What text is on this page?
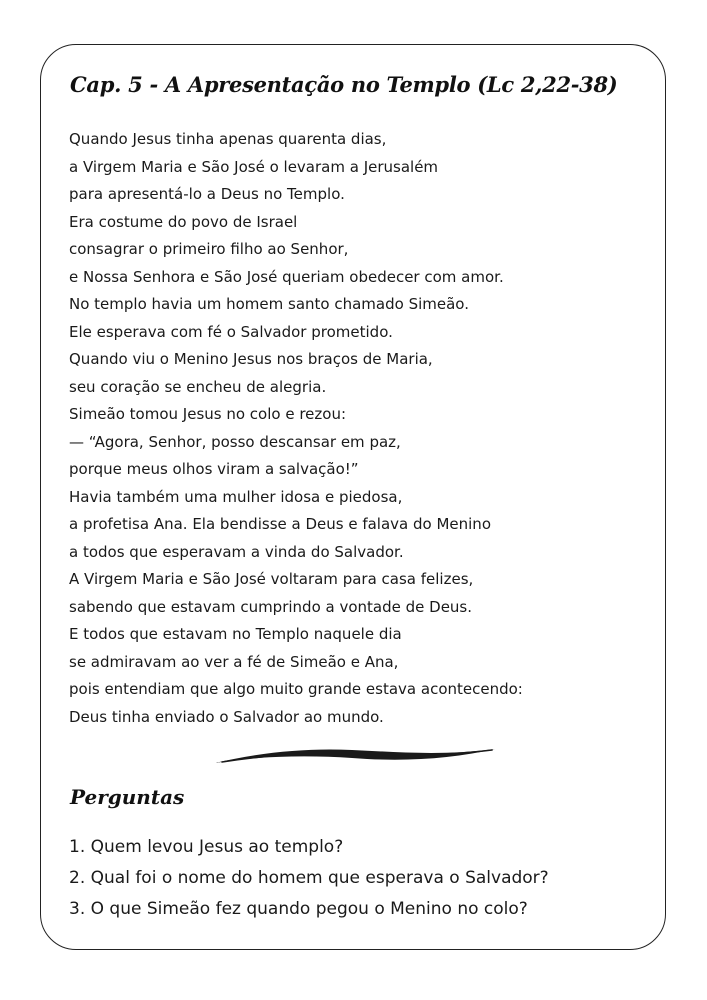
Cap. 5 - A Apresentação no Templo (Lc 2,22-38)
Quando Jesus tinha apenas quarenta dias,
a Virgem Maria e São José o levaram a Jerusalém
para apresentá-lo a Deus no Templo.
Era costume do povo de Israel
consagrar o primeiro filho ao Senhor,
e Nossa Senhora e São José queriam obedecer com amor.
No templo havia um homem santo chamado Simeão.
Ele esperava com fé o Salvador prometido.
Quando viu o Menino Jesus nos braços de Maria,
seu coração se encheu de alegria.
Simeão tomou Jesus no colo e rezou:
— “Agora, Senhor, posso descansar em paz,
porque meus olhos viram a salvação!”
Havia também uma mulher idosa e piedosa,
a profetisa Ana. Ela bendisse a Deus e falava do Menino
a todos que esperavam a vinda do Salvador.
A Virgem Maria e São José voltaram para casa felizes,
sabendo que estavam cumprindo a vontade de Deus.
E todos que estavam no Templo naquele dia
se admiravam ao ver a fé de Simeão e Ana,
pois entendiam que algo muito grande estava acontecendo:
Deus tinha enviado o Salvador ao mundo.
Perguntas
1. Quem levou Jesus ao templo?
2. Qual foi o nome do homem que esperava o Salvador?
3. O que Simeão fez quando pegou o Menino no colo?
